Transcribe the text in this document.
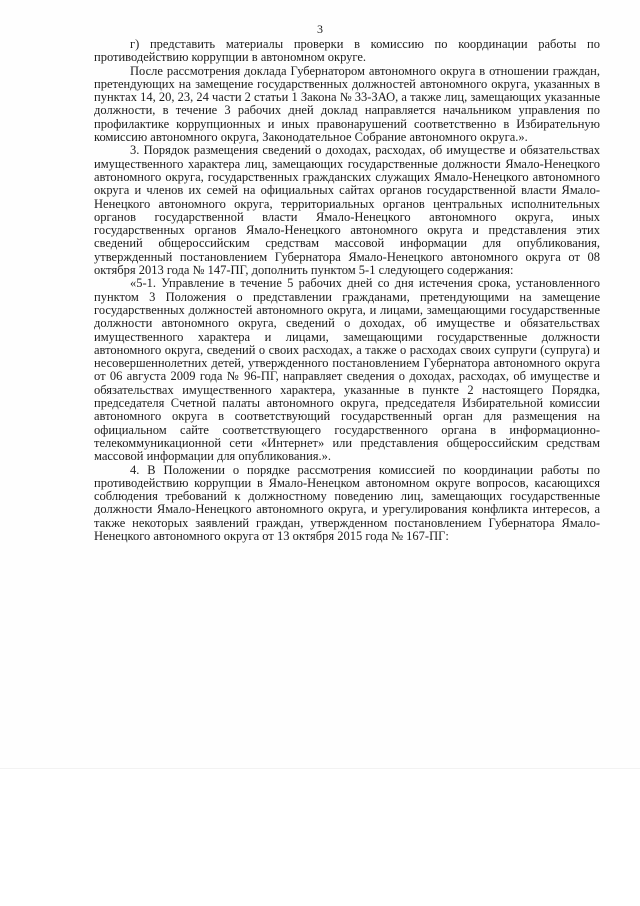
3

г) представить материалы проверки в комиссию по координации работы по противодействию коррупции в автономном округе.

После рассмотрения доклада Губернатором автономного округа в отношении граждан, претендующих на замещение государственных должностей автономного округа, указанных в пунктах 14, 20, 23, 24 части 2 статьи 1 Закона № 33-ЗАО, а также лиц, замещающих указанные должности, в течение 3 рабочих дней доклад направляется начальником управления по профилактике коррупционных и иных правонарушений соответственно в Избирательную комиссию автономного округа, Законодательное Собрание автономного округа.».

3. Порядок размещения сведений о доходах, расходах, об имуществе и обязательствах имущественного характера лиц, замещающих государственные должности Ямало-Ненецкого автономного округа, государственных гражданских служащих Ямало-Ненецкого автономного округа и членов их семей на официальных сайтах органов государственной власти Ямало-Ненецкого автономного округа, территориальных органов центральных исполнительных органов государственной власти Ямало-Ненецкого автономного округа, иных государственных органов Ямало-Ненецкого автономного округа и представления этих сведений общероссийским средствам массовой информации для опубликования, утвержденный постановлением Губернатора Ямало-Ненецкого автономного округа от 08 октября 2013 года № 147-ПГ, дополнить пунктом 5-1 следующего содержания:

«5-1. Управление в течение 5 рабочих дней со дня истечения срока, установленного пунктом 3 Положения о представлении гражданами, претендующими на замещение государственных должностей автономного округа, и лицами, замещающими государственные должности автономного округа, сведений о доходах, об имуществе и обязательствах имущественного характера и лицами, замещающими государственные должности автономного округа, сведений о своих расходах, а также о расходах своих супруги (супруга) и несовершеннолетних детей, утвержденного постановлением Губернатора автономного округа от 06 августа 2009 года № 96-ПГ, направляет сведения о доходах, расходах, об имуществе и обязательствах имущественного характера, указанные в пункте 2 настоящего Порядка, председателя Счетной палаты автономного округа, председателя Избирательной комиссии автономного округа в соответствующий государственный орган для размещения на официальном сайте соответствующего государственного органа в информационно-телекоммуникационной сети «Интернет» или представления общероссийским средствам массовой информации для опубликования.».

4. В Положении о порядке рассмотрения комиссией по координации работы по противодействию коррупции в Ямало-Ненецком автономном округе вопросов, касающихся соблюдения требований к должностному поведению лиц, замещающих государственные должности Ямало-Ненецкого автономного округа, и урегулирования конфликта интересов, а также некоторых заявлений граждан, утвержденном постановлением Губернатора Ямало-Ненецкого автономного округа от 13 октября 2015 года № 167-ПГ:
